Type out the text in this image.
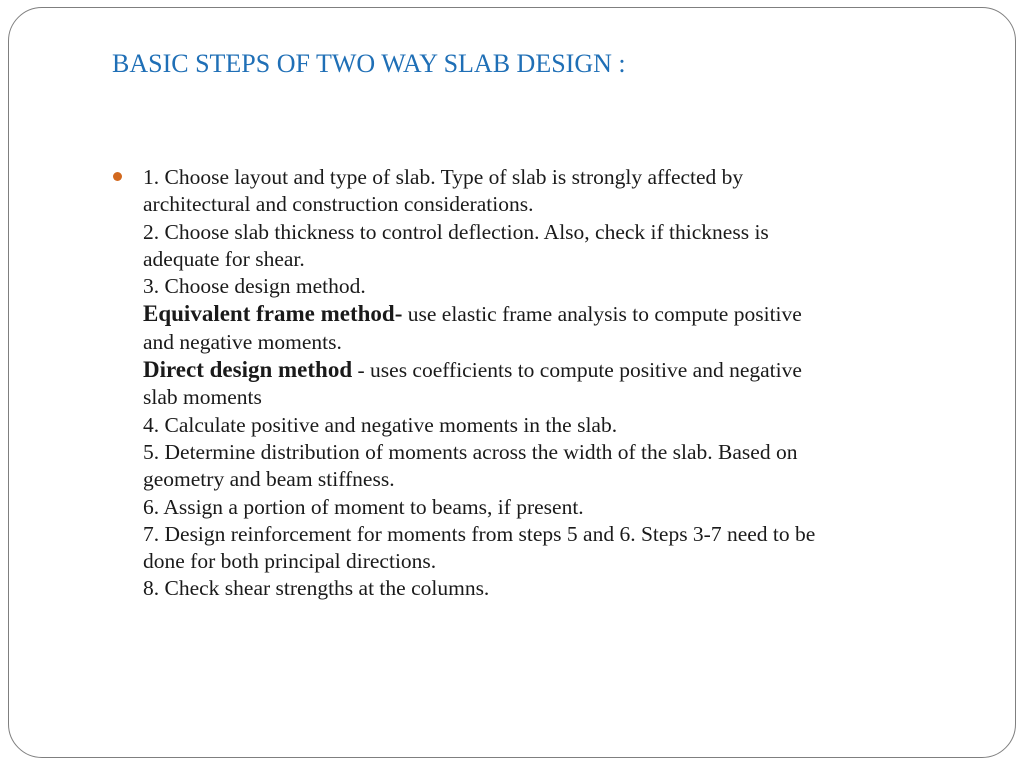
BASIC STEPS OF TWO WAY SLAB DESIGN :
1. Choose layout and type of slab. Type of slab is strongly affected by
architectural and construction considerations.
2. Choose slab thickness to control deflection. Also, check if thickness is
adequate for shear.
3. Choose design method.
Equivalent frame method- use elastic frame analysis to compute positive
and negative moments.
Direct design method - uses coefficients to compute positive and negative
slab moments
4. Calculate positive and negative moments in the slab.
5. Determine distribution of moments across the width of the slab. Based on
geometry and beam stiffness.
6. Assign a portion of moment to beams, if present.
7. Design reinforcement for moments from steps 5 and 6. Steps 3-7 need to be
done for both principal directions.
8. Check shear strengths at the columns.
